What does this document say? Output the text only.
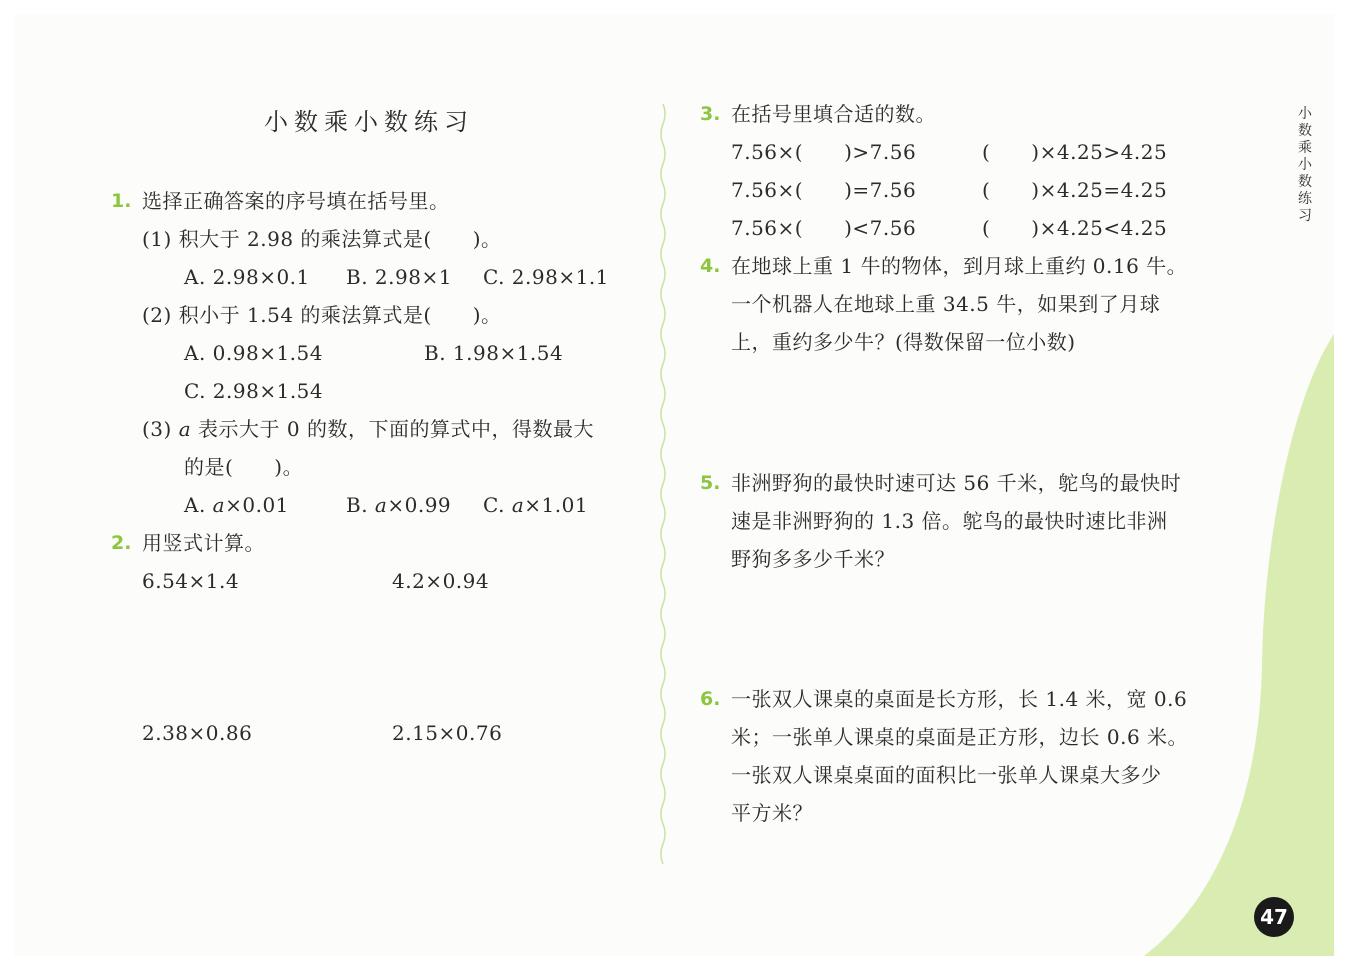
小数乘小数练习
1. 选择正确答案的序号填在括号里。
(1) 积大于 2.98 的乘法算式是(　　)。
A. 2.98×0.1 B. 2.98×1 C. 2.98×1.1
(2) 积小于 1.54 的乘法算式是(　　)。
A. 0.98×1.54	B. 1.98×1.54
C. 2.98×1.54
(3) a 表示大于 0 的数，下面的算式中，得数最大
的是(　　)。
A. a×0.01	B. a×0.99 C. a×1.01
2. 用竖式计算。
6.54×1.4	4.2×0.94
2.38×0.86	2.15×0.76
3. 在括号里填合适的数。
7.56×(　　)>7.56	(　　)×4.25>4.25
7.56×(　　)=7.56	(　　)×4.25=4.25
7.56×(　　)<7.56	(　　)×4.25<4.25
4. 在地球上重 1 牛的物体，到月球上重约 0.16 牛。
一个机器人在地球上重 34.5 牛，如果到了月球
上，重约多少牛？(得数保留一位小数)
5. 非洲野狗的最快时速可达 56 千米，鸵鸟的最快时
速是非洲野狗的 1.3 倍。鸵鸟的最快时速比非洲
野狗多多少千米？
6. 一张双人课桌的桌面是长方形，长 1.4 米，宽 0.6
米；一张单人课桌的桌面是正方形，边长 0.6 米。
一张双人课桌桌面的面积比一张单人课桌大多少
平方米？
小数乘小数练习
47
